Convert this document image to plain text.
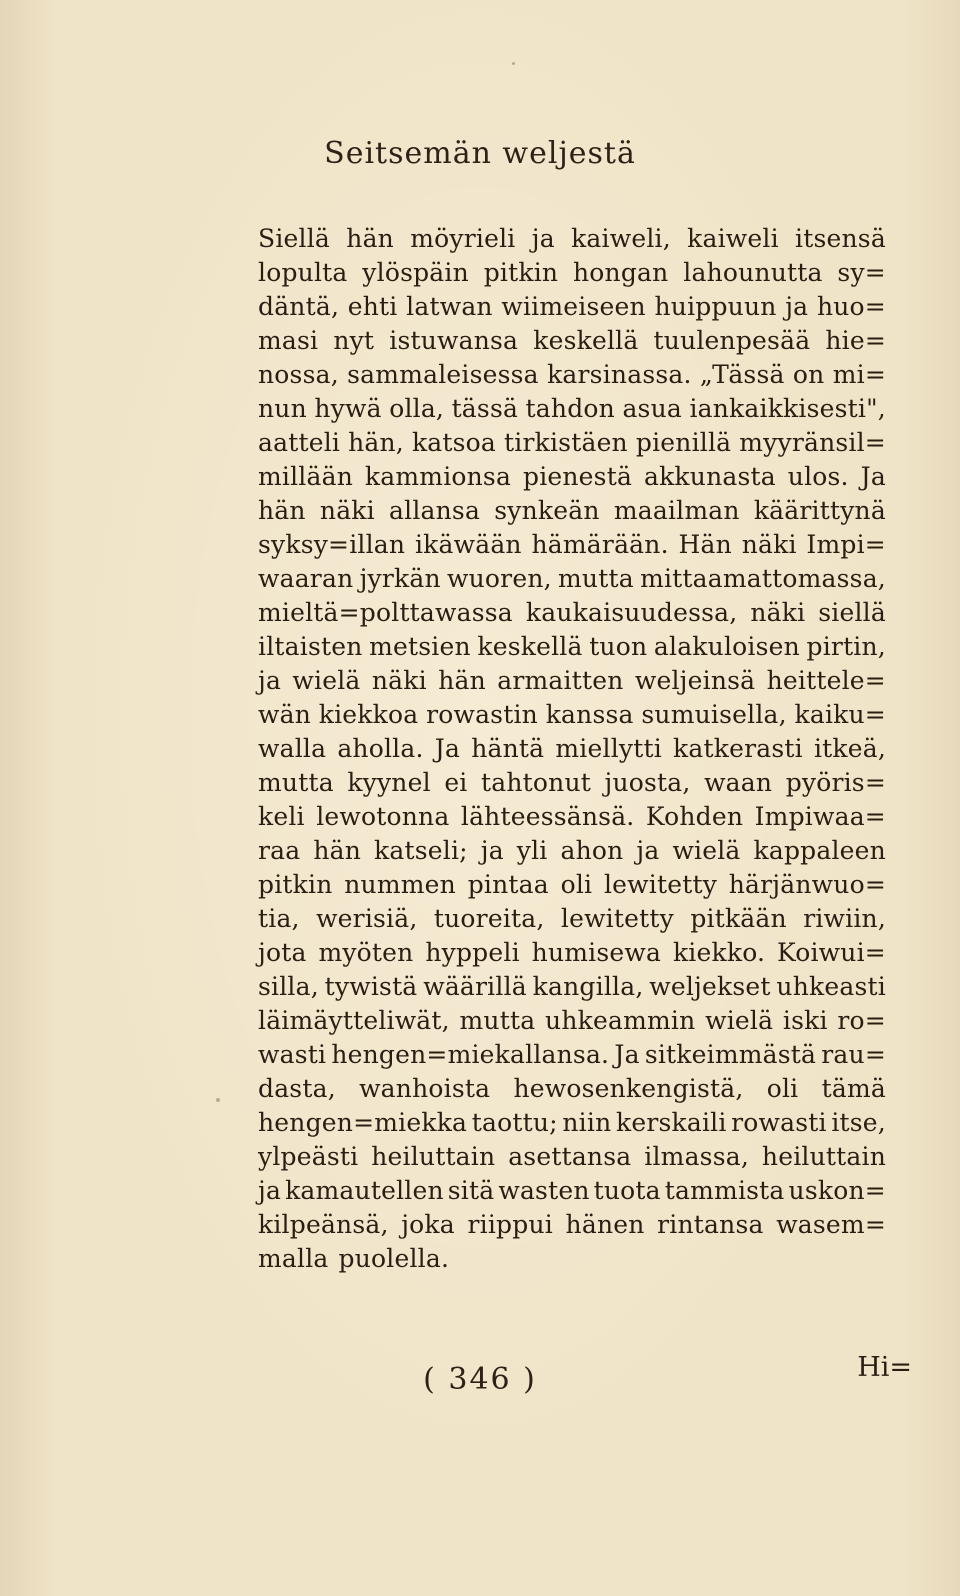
Seitsemän weljestä
Siellä hän möyrieli ja kaiweli, kaiweli itsensä
lopulta ylöspäin pitkin hongan lahounutta sy=
däntä, ehti latwan wiimeiseen huippuun ja huo=
masi nyt istuwansa keskellä tuulenpesää hie=
nossa, sammaleisessa karsinassa. „Tässä on mi=
nun hywä olla, tässä tahdon asua iankaikkisesti",
aatteli hän, katsoa tirkistäen pienillä myyränsil=
millään kammionsa pienestä akkunasta ulos. Ja
hän näki allansa synkeän maailman käärittynä
syksy=illan ikäwään hämärään. Hän näki Impi=
waaran jyrkän wuoren, mutta mittaamattomassa,
mieltä=polttawassa kaukaisuudessa, näki siellä
iltaisten metsien keskellä tuon alakuloisen pirtin,
ja wielä näki hän armaitten weljeinsä heittele=
wän kiekkoa rowastin kanssa sumuisella, kaiku=
walla aholla. Ja häntä miellytti katkerasti itkeä,
mutta kyynel ei tahtonut juosta, waan pyöris=
keli lewotonna lähteessänsä. Kohden Impiwaa=
raa hän katseli; ja yli ahon ja wielä kappaleen
pitkin nummen pintaa oli lewitetty härjänwuo=
tia, werisiä, tuoreita, lewitetty pitkään riwiin,
jota myöten hyppeli humisewa kiekko. Koiwui=
silla, tywistä wäärillä kangilla, weljekset uhkeasti
läimäytteliwät, mutta uhkeammin wielä iski ro=
wasti hengen=miekallansa. Ja sitkeimmästä rau=
dasta, wanhoista hewosenkengistä, oli tämä
hengen=miekka taottu; niin kerskaili rowasti itse,
ylpeästi heiluttain asettansa ilmassa, heiluttain
ja kamautellen sitä wasten tuota tammista uskon=
kilpeänsä, joka riippui hänen rintansa wasem=
malla puolella.
Hi=
( 346 )
